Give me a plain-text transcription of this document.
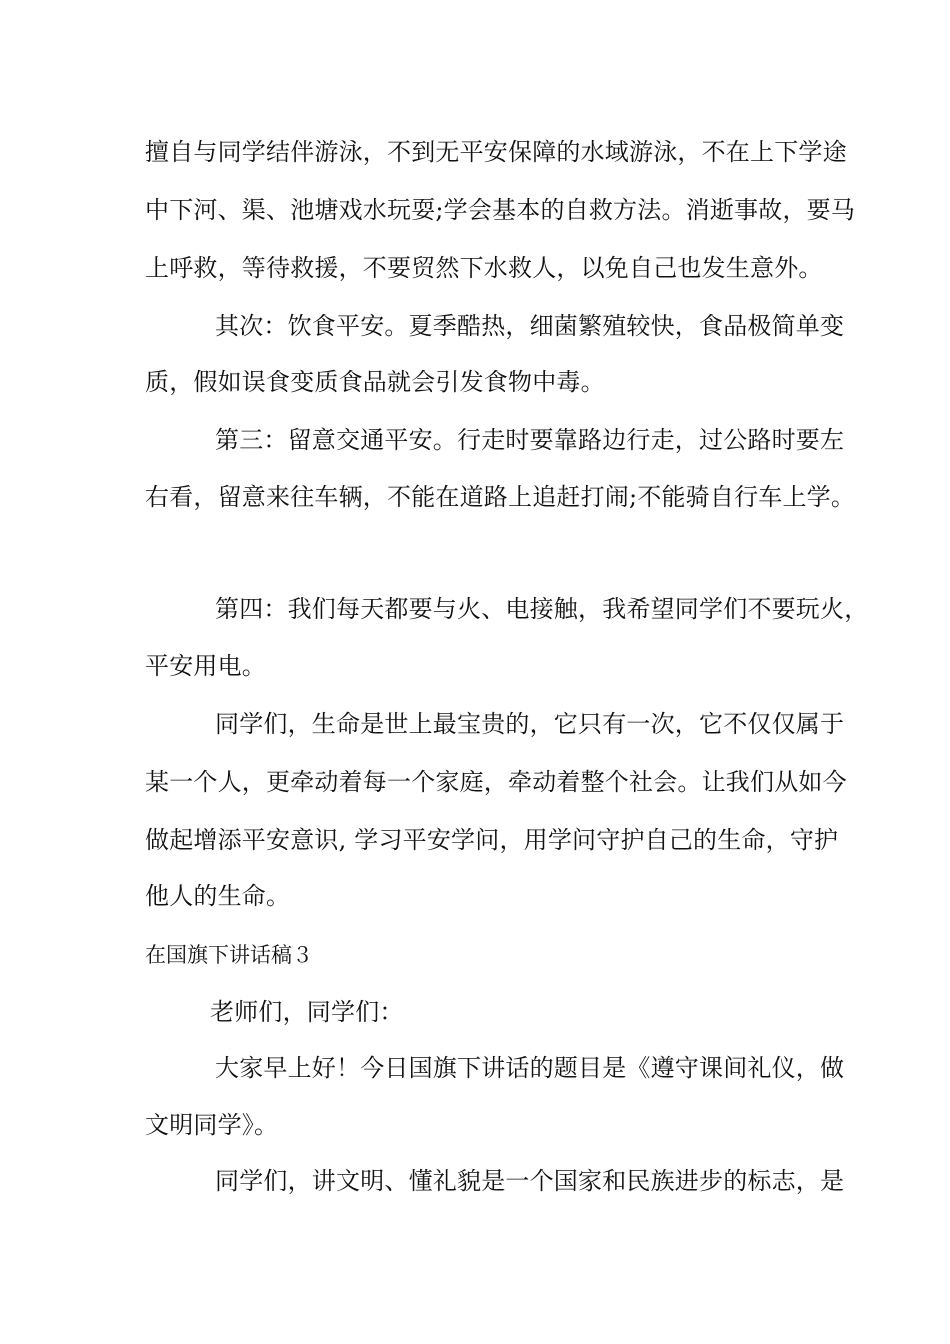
擅自与同学结伴游泳，不到无平安保障的水域游泳，不在上下学途

中下河、渠、池塘戏水玩耍;学会基本的自救方法。消逝事故，要马

上呼救，等待救援，不要贸然下水救人，以免自己也发生意外。

其次：饮食平安。夏季酷热，细菌繁殖较快，食品极简单变

质，假如误食变质食品就会引发食物中毒。

第三：留意交通平安。行走时要靠路边行走，过公路时要左

右看，留意来往车辆，不能在道路上追赶打闹;不能骑自行车上学。

第四：我们每天都要与火、电接触，我希望同学们不要玩火，

平安用电。

同学们，生命是世上最宝贵的，它只有一次，它不仅仅属于

某一个人，更牵动着每一个家庭，牵动着整个社会。让我们从如今

做起增添平安意识, 学习平安学问，用学问守护自己的生命，守护

他人的生命。

在国旗下讲话稿３

老师们，同学们：

大家早上好！今日国旗下讲话的题目是《遵守课间礼仪，做

文明同学》。

同学们，讲文明、懂礼貌是一个国家和民族进步的标志，是
